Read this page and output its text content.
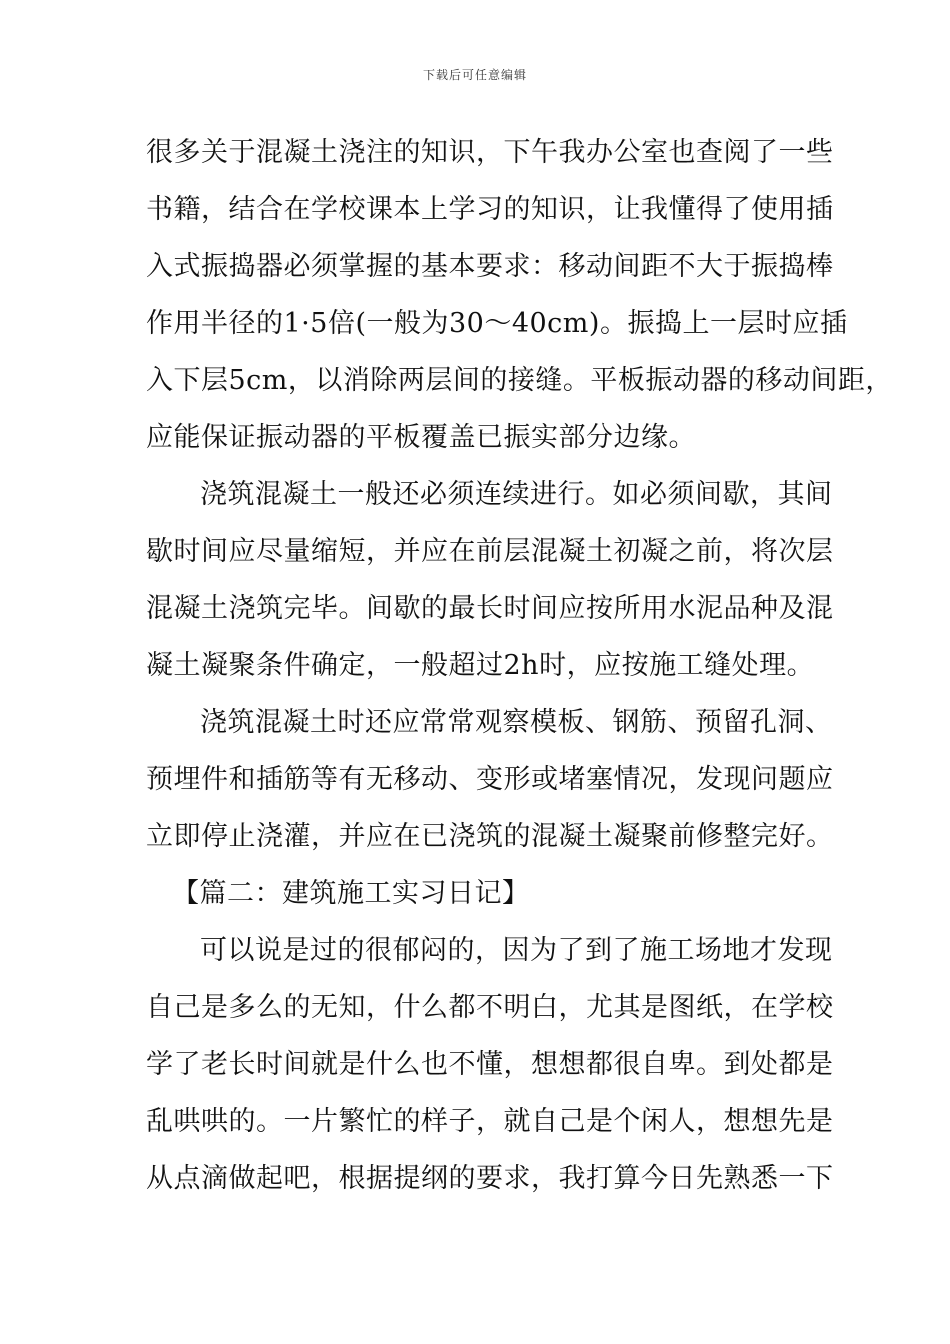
下载后可任意编辑
很多关于混凝土浇注的知识，下午我办公室也查阅了一些
书籍，结合在学校课本上学习的知识，让我懂得了使用插
入式振捣器必须掌握的基本要求：移动间距不大于振捣棒
作用半径的1·5倍(一般为30～40cm)。振捣上一层时应插
入下层5cm，以消除两层间的接缝。平板振动器的移动间距，
应能保证振动器的平板覆盖已振实部分边缘。
浇筑混凝土一般还必须连续进行。如必须间歇，其间
歇时间应尽量缩短，并应在前层混凝土初凝之前，将次层
混凝土浇筑完毕。间歇的最长时间应按所用水泥品种及混
凝土凝聚条件确定，一般超过2h时，应按施工缝处理。
浇筑混凝土时还应常常观察模板、钢筋、预留孔洞、
预埋件和插筋等有无移动、变形或堵塞情况，发现问题应
立即停止浇灌，并应在已浇筑的混凝土凝聚前修整完好。
【篇二：建筑施工实习日记】
可以说是过的很郁闷的，因为了到了施工场地才发现
自己是多么的无知，什么都不明白，尤其是图纸，在学校
学了老长时间就是什么也不懂，想想都很自卑。到处都是
乱哄哄的。一片繁忙的样子，就自己是个闲人，想想先是
从点滴做起吧，根据提纲的要求，我打算今日先熟悉一下
